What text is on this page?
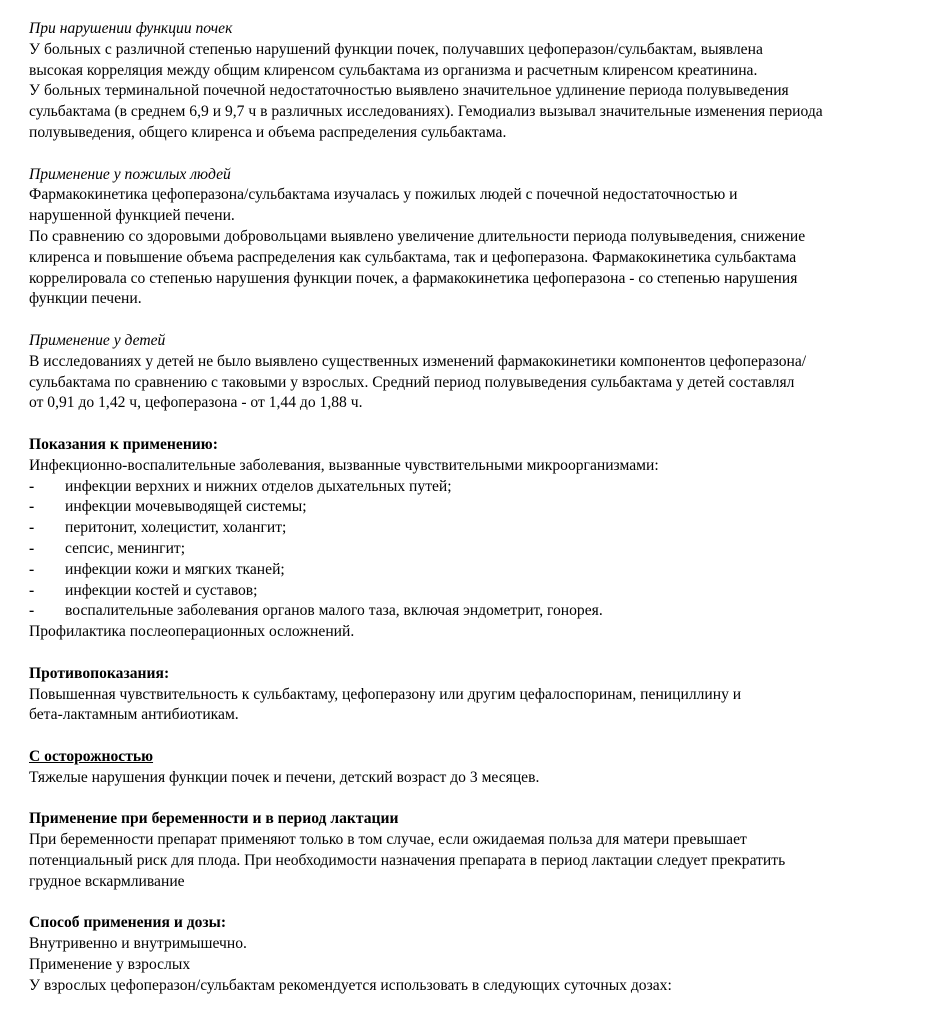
При нарушении функции почек
У больных с различной степенью нарушений функции почек, получавших цефоперазон/сульбактам, выявлена
высокая корреляция между общим клиренсом сульбактама из организма и расчетным клиренсом креатинина.
У больных терминальной почечной недостаточностью выявлено значительное удлинение периода полувыведения
сульбактама (в среднем 6,9 и 9,7 ч в различных исследованиях). Гемодиализ вызывал значительные изменения периода
полувыведения, общего клиренса и объема распределения сульбактама.
Применение у пожилых людей
Фармакокинетика цефоперазона/сульбактама изучалась у пожилых людей с почечной недостаточностью и
нарушенной функцией печени.
По сравнению со здоровыми добровольцами выявлено увеличение длительности периода полувыведения, снижение
клиренса и повышение объема распределения как сульбактама, так и цефоперазона. Фармакокинетика сульбактама
коррелировала со степенью нарушения функции почек, а фармакокинетика цефоперазона - со степенью нарушения
функции печени.
Применение у детей
В исследованиях у детей не было выявлено существенных изменений фармакокинетики компонентов цефоперазона/
сульбактама по сравнению с таковыми у взрослых. Средний период полувыведения сульбактама у детей составлял
от 0,91 до 1,42 ч, цефоперазона - от 1,44 до 1,88 ч.
Показания к применению:
Инфекционно-воспалительные заболевания, вызванные чувствительными микроорганизмами:
-	инфекции верхних и нижних отделов дыхательных путей;
-	инфекции мочевыводящей системы;
-	перитонит, холецистит, холангит;
-	сепсис, менингит;
-	инфекции кожи и мягких тканей;
-	инфекции костей и суставов;
-	воспалительные заболевания органов малого таза, включая эндометрит, гонорея.
Профилактика послеоперационных осложнений.
Противопоказания:
Повышенная чувствительность к сульбактаму, цефоперазону или другим цефалоспоринам, пенициллину и
бета-лактамным антибиотикам.
С осторожностью
Тяжелые нарушения функции почек и печени, детский возраст до 3 месяцев.
Применение при беременности и в период лактации
При беременности препарат применяют только в том случае, если ожидаемая польза для матери превышает
потенциальный риск для плода. При необходимости назначения препарата в период лактации следует прекратить
грудное вскармливание
Способ применения и дозы:
Внутривенно и внутримышечно.
Применение у взрослых
У взрослых цефоперазон/сульбактам рекомендуется использовать в следующих суточных дозах:
